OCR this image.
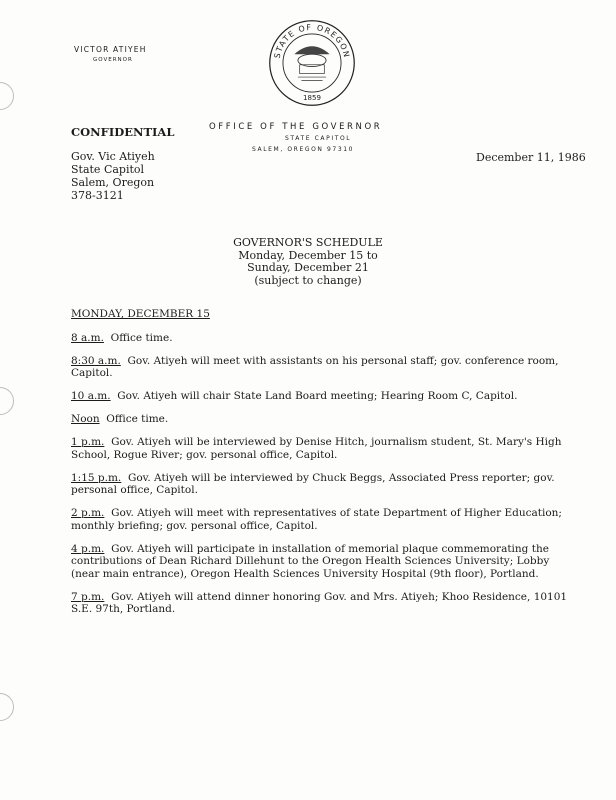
VICTOR ATIYEH
GOVERNOR
STATE OF OREGON
1859
CONFIDENTIAL	OFFICE OF THE GOVERNOR
STATE CAPITOL
SALEM, OREGON 97310
Gov. Vic Atiyeh
State Capitol
Salem, Oregon
378-3121
December 11, 1986
GOVERNOR'S SCHEDULE
Monday, December 15 to
Sunday, December 21
(subject to change)
MONDAY, DECEMBER 15
8 a.m. Office time.
8:30 a.m. Gov. Atiyeh will meet with assistants on his personal staff; gov. conference room, Capitol.
10 a.m. Gov. Atiyeh will chair State Land Board meeting; Hearing Room C, Capitol.
Noon Office time.
1 p.m. Gov. Atiyeh will be interviewed by Denise Hitch, journalism student, St. Mary's High School, Rogue River; gov. personal office, Capitol.
1:15 p.m. Gov. Atiyeh will be interviewed by Chuck Beggs, Associated Press reporter; gov. personal office, Capitol.
2 p.m. Gov. Atiyeh will meet with representatives of state Department of Higher Education; monthly briefing; gov. personal office, Capitol.
4 p.m. Gov. Atiyeh will participate in installation of memorial plaque commemorating the contributions of Dean Richard Dillehunt to the Oregon Health Sciences University; Lobby (near main entrance), Oregon Health Sciences University Hospital (9th floor), Portland.
7 p.m. Gov. Atiyeh will attend dinner honoring Gov. and Mrs. Atiyeh; Khoo Residence, 10101 S.E. 97th, Portland.
